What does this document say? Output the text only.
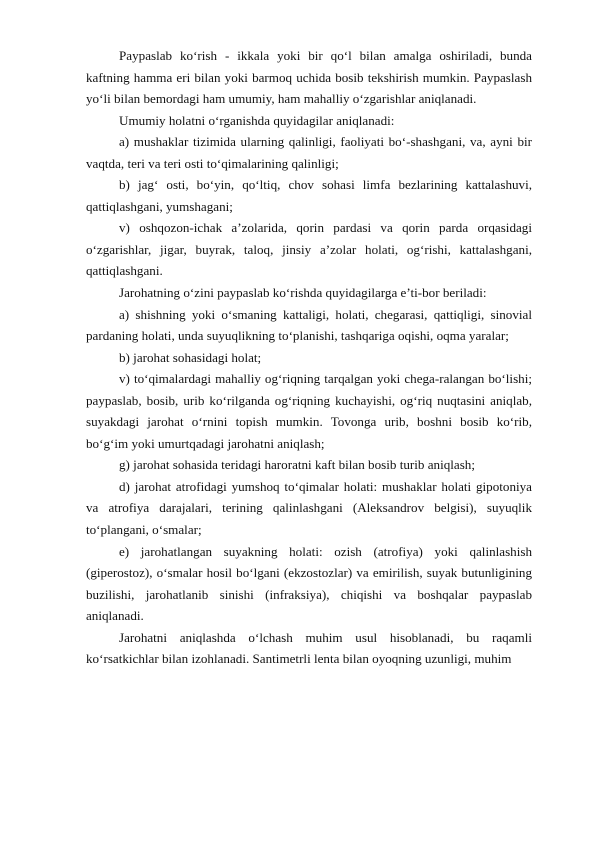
Paypaslab ko‘rish - ikkala yoki bir qo‘l bilan amalga oshiriladi, bunda kaftning hamma eri bilan yoki barmoq uchida bosib tekshirish mumkin. Paypaslash yo‘li bilan bemordagi ham umumiy, ham mahalliy o‘zgarishlar aniqlanadi.

Umumiy holatni o‘rganishda quyidagilar aniqlanadi:

a) mushaklar tizimida ularning qalinligi, faoliyati bo‘-shashgani, va, ayni bir vaqtda, teri va teri osti to‘qimalarining qalinligi;

b) jag‘ osti, bo‘yin, qo‘ltiq, chov sohasi limfa bezlarining kattalashuvi, qattiqlashgani, yumshagani;

v) oshqozon-ichak a’zolarida, qorin pardasi va qorin parda orqasidagi o‘zgarishlar, jigar, buyrak, taloq, jinsiy a’zolar holati, og‘rishi, kattalashgani, qattiqlashgani.

Jarohatning o‘zini paypaslab ko‘rishda quyidagilarga e’ti-bor beriladi:

a) shishning yoki o‘smaning kattaligi, holati, chegarasi, qattiqligi, sinovial pardaning holati, unda suyuqlikning to‘planishi, tashqariga oqishi, oqma yaralar;

b) jarohat sohasidagi holat;

v) to‘qimalardagi mahalliy og‘riqning tarqalgan yoki chega-ralangan bo‘lishi; paypaslab, bosib, urib ko‘rilganda og‘riqning kuchayishi, og‘riq nuqtasini aniqlab, suyakdagi jarohat o‘rnini topish mumkin. Tovonga urib, boshni bosib ko‘rib, bo‘g‘im yoki umurtqadagi jarohatni aniqlash;

g) jarohat sohasida teridagi haroratni kaft bilan bosib turib aniqlash;

d) jarohat atrofidagi yumshoq to‘qimalar holati: mushaklar holati gipotoniya va atrofiya darajalari, terining qalinlashgani (Aleksandrov belgisi), suyuqlik to‘plangani, o‘smalar;

e) jarohatlangan suyakning holati: ozish (atrofiya) yoki qalinlashish (giperostoz), o‘smalar hosil bo‘lgani (ekzostozlar) va emirilish, suyak butunligining buzilishi, jarohatlanib sinishi (infraksiya), chiqishi va boshqalar paypaslab aniqlanadi.

Jarohatni aniqlashda o‘lchash muhim usul hisoblanadi, bu raqamli ko‘rsatkichlar bilan izohlanadi. Santimetrli lenta bilan oyoqning uzunligi, muhim
